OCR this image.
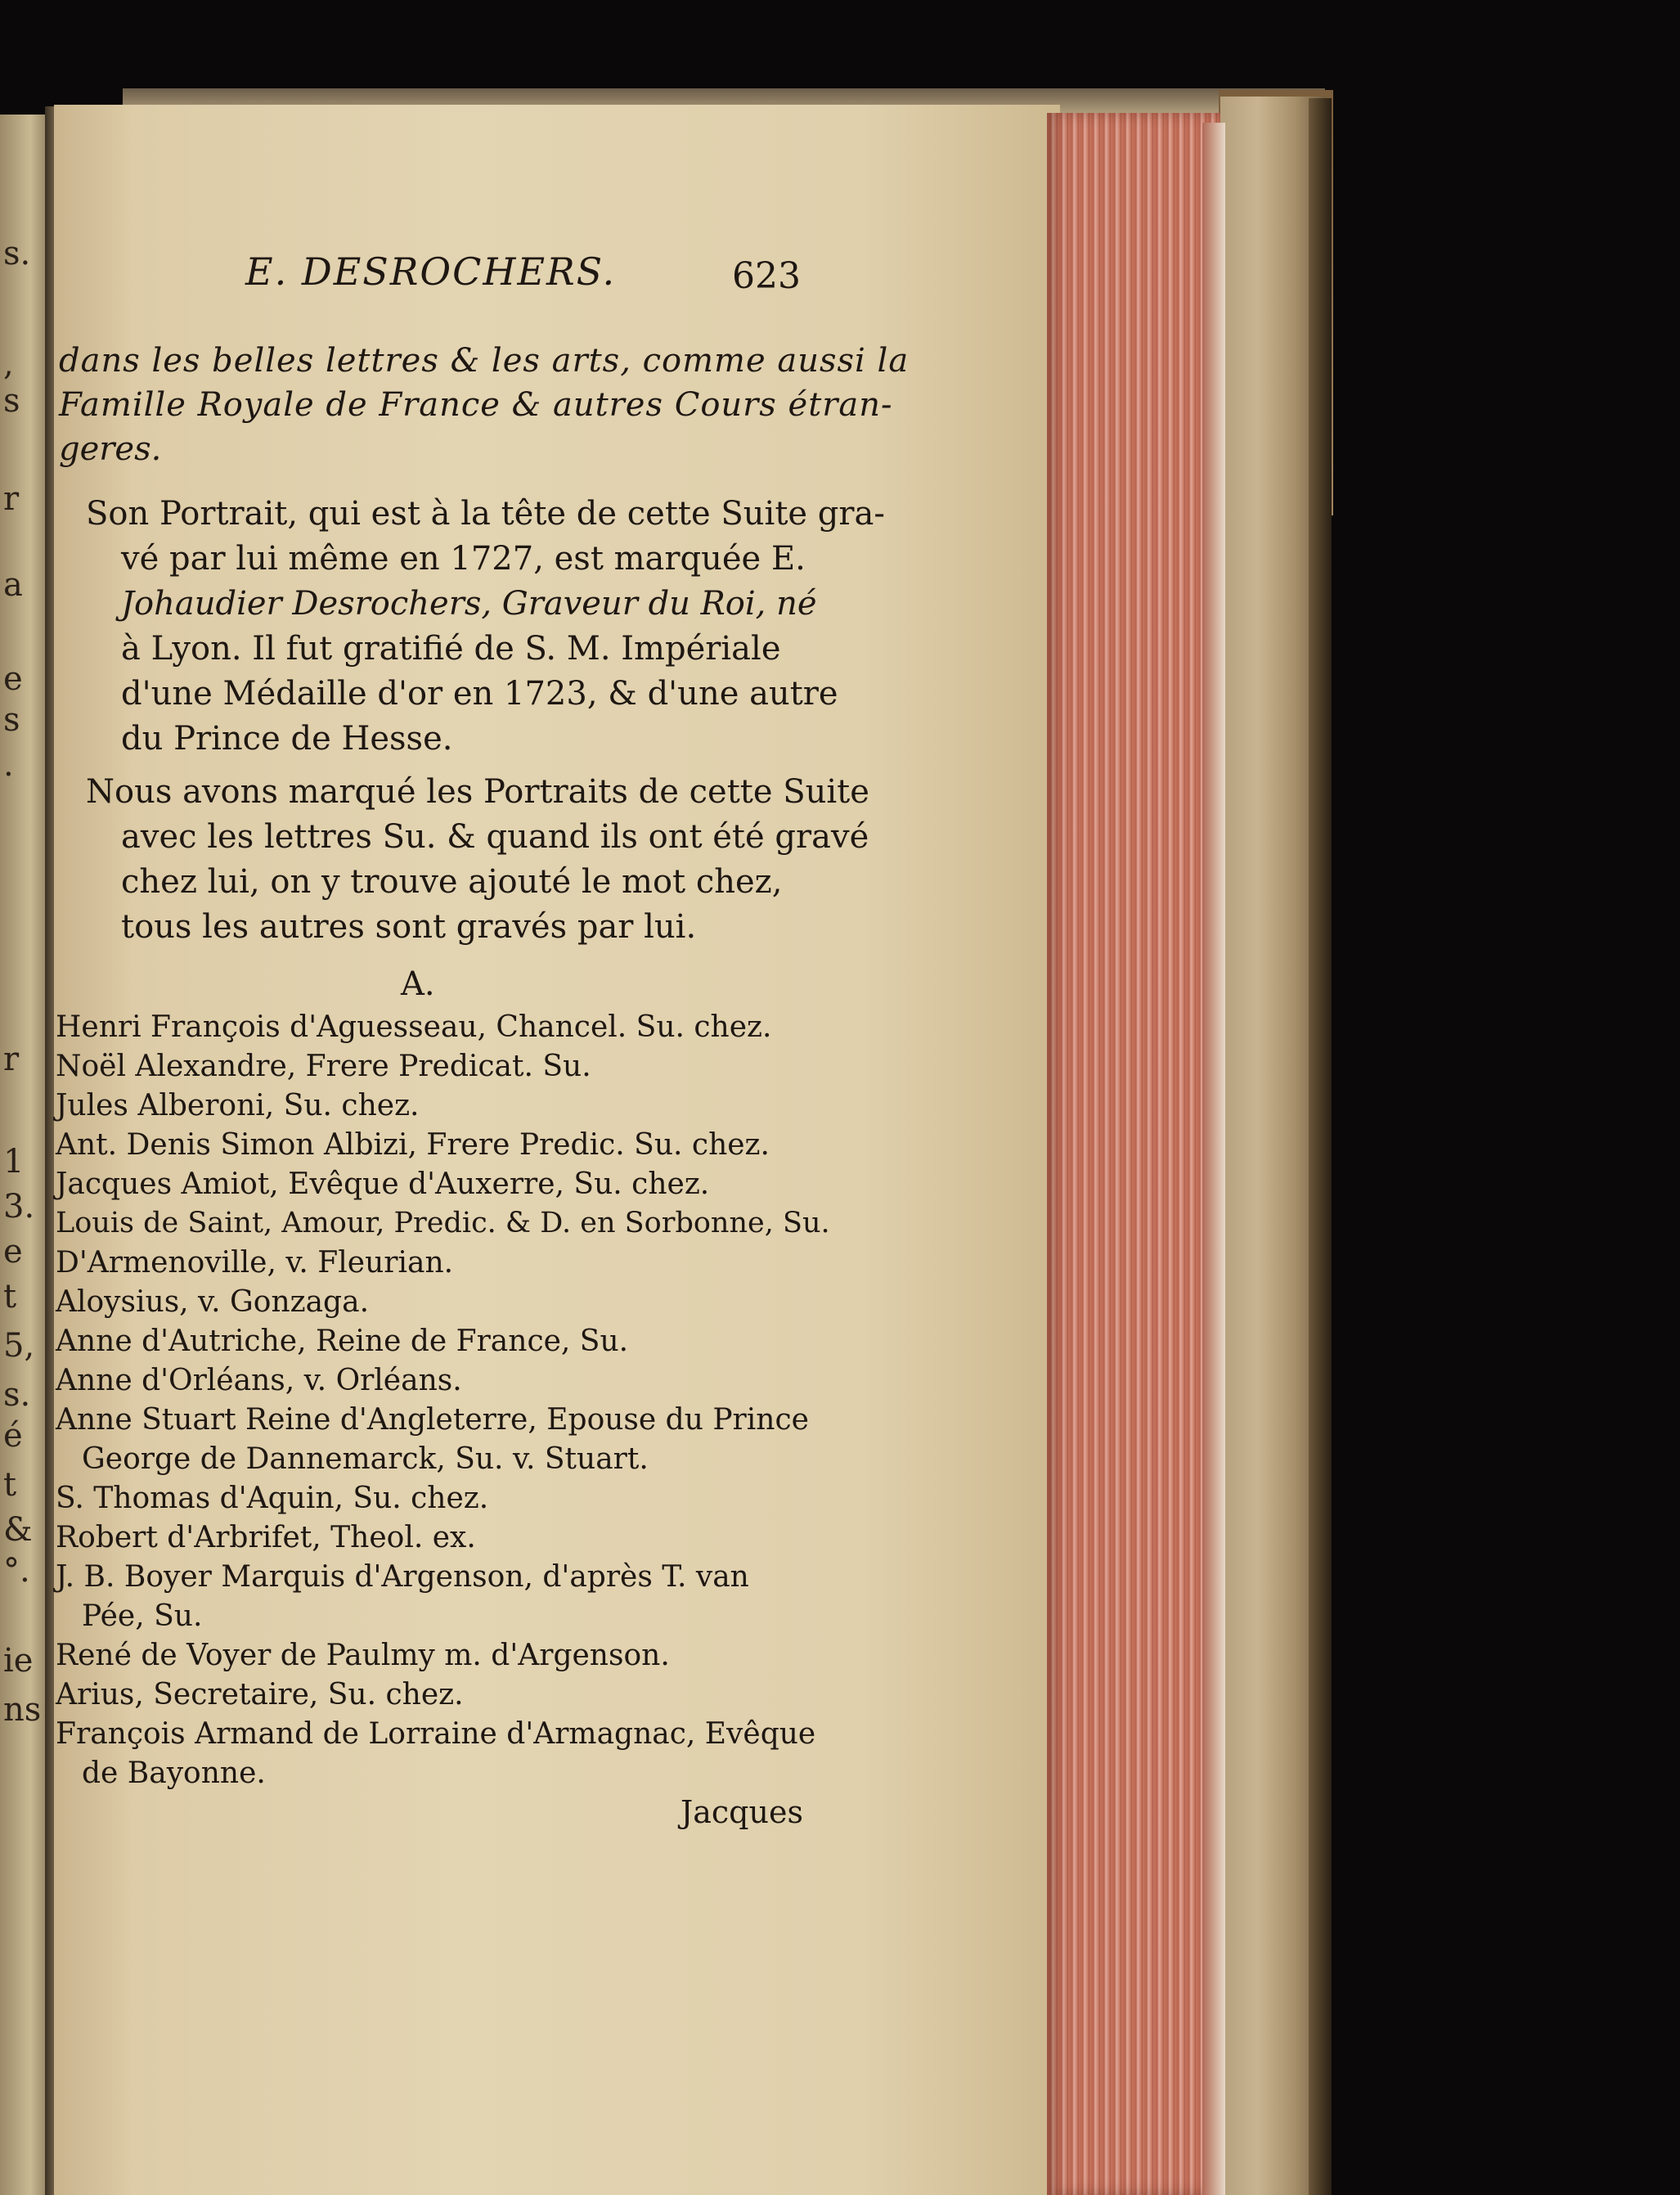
s.
,
s
r
a
e
s
.
r
1
3.
e
t
5,
s.
é
t
&
°.
ie
ns
E. DESROCHERS.	623
dans les belles lettres & les arts, comme aussi la
Famille Royale de France & autres Cours étran-
geres.
Son Portrait, qui est à la tête de cette Suite gra-
vé par lui même en 1727, est marquée E.
Johaudier Desrochers, Graveur du Roi, né
à Lyon. Il fut gratifié de S. M. Impériale
d'une Médaille d'or en 1723, & d'une autre
du Prince de Hesse.
Nous avons marqué les Portraits de cette Suite
avec les lettres Su. & quand ils ont été gravé
chez lui, on y trouve ajouté le mot chez,
tous les autres sont gravés par lui.
A.
Henri François d'Aguesseau, Chancel. Su. chez.
Noël Alexandre, Frere Predicat. Su.
Jules Alberoni, Su. chez.
Ant. Denis Simon Albizi, Frere Predic. Su. chez.
Jacques Amiot, Evêque d'Auxerre, Su. chez.
Louis de Saint, Amour, Predic. & D. en Sorbonne, Su.
D'Armenoville, v. Fleurian.
Aloysius, v. Gonzaga.
Anne d'Autriche, Reine de France, Su.
Anne d'Orléans, v. Orléans.
Anne Stuart Reine d'Angleterre, Epouse du Prince
George de Dannemarck, Su. v. Stuart.
S. Thomas d'Aquin, Su. chez.
Robert d'Arbrifet, Theol. ex.
J. B. Boyer Marquis d'Argenson, d'après T. van
Pée, Su.
René de Voyer de Paulmy m. d'Argenson.
Arius, Secretaire, Su. chez.
François Armand de Lorraine d'Armagnac, Evêque
de Bayonne.
Jacques
